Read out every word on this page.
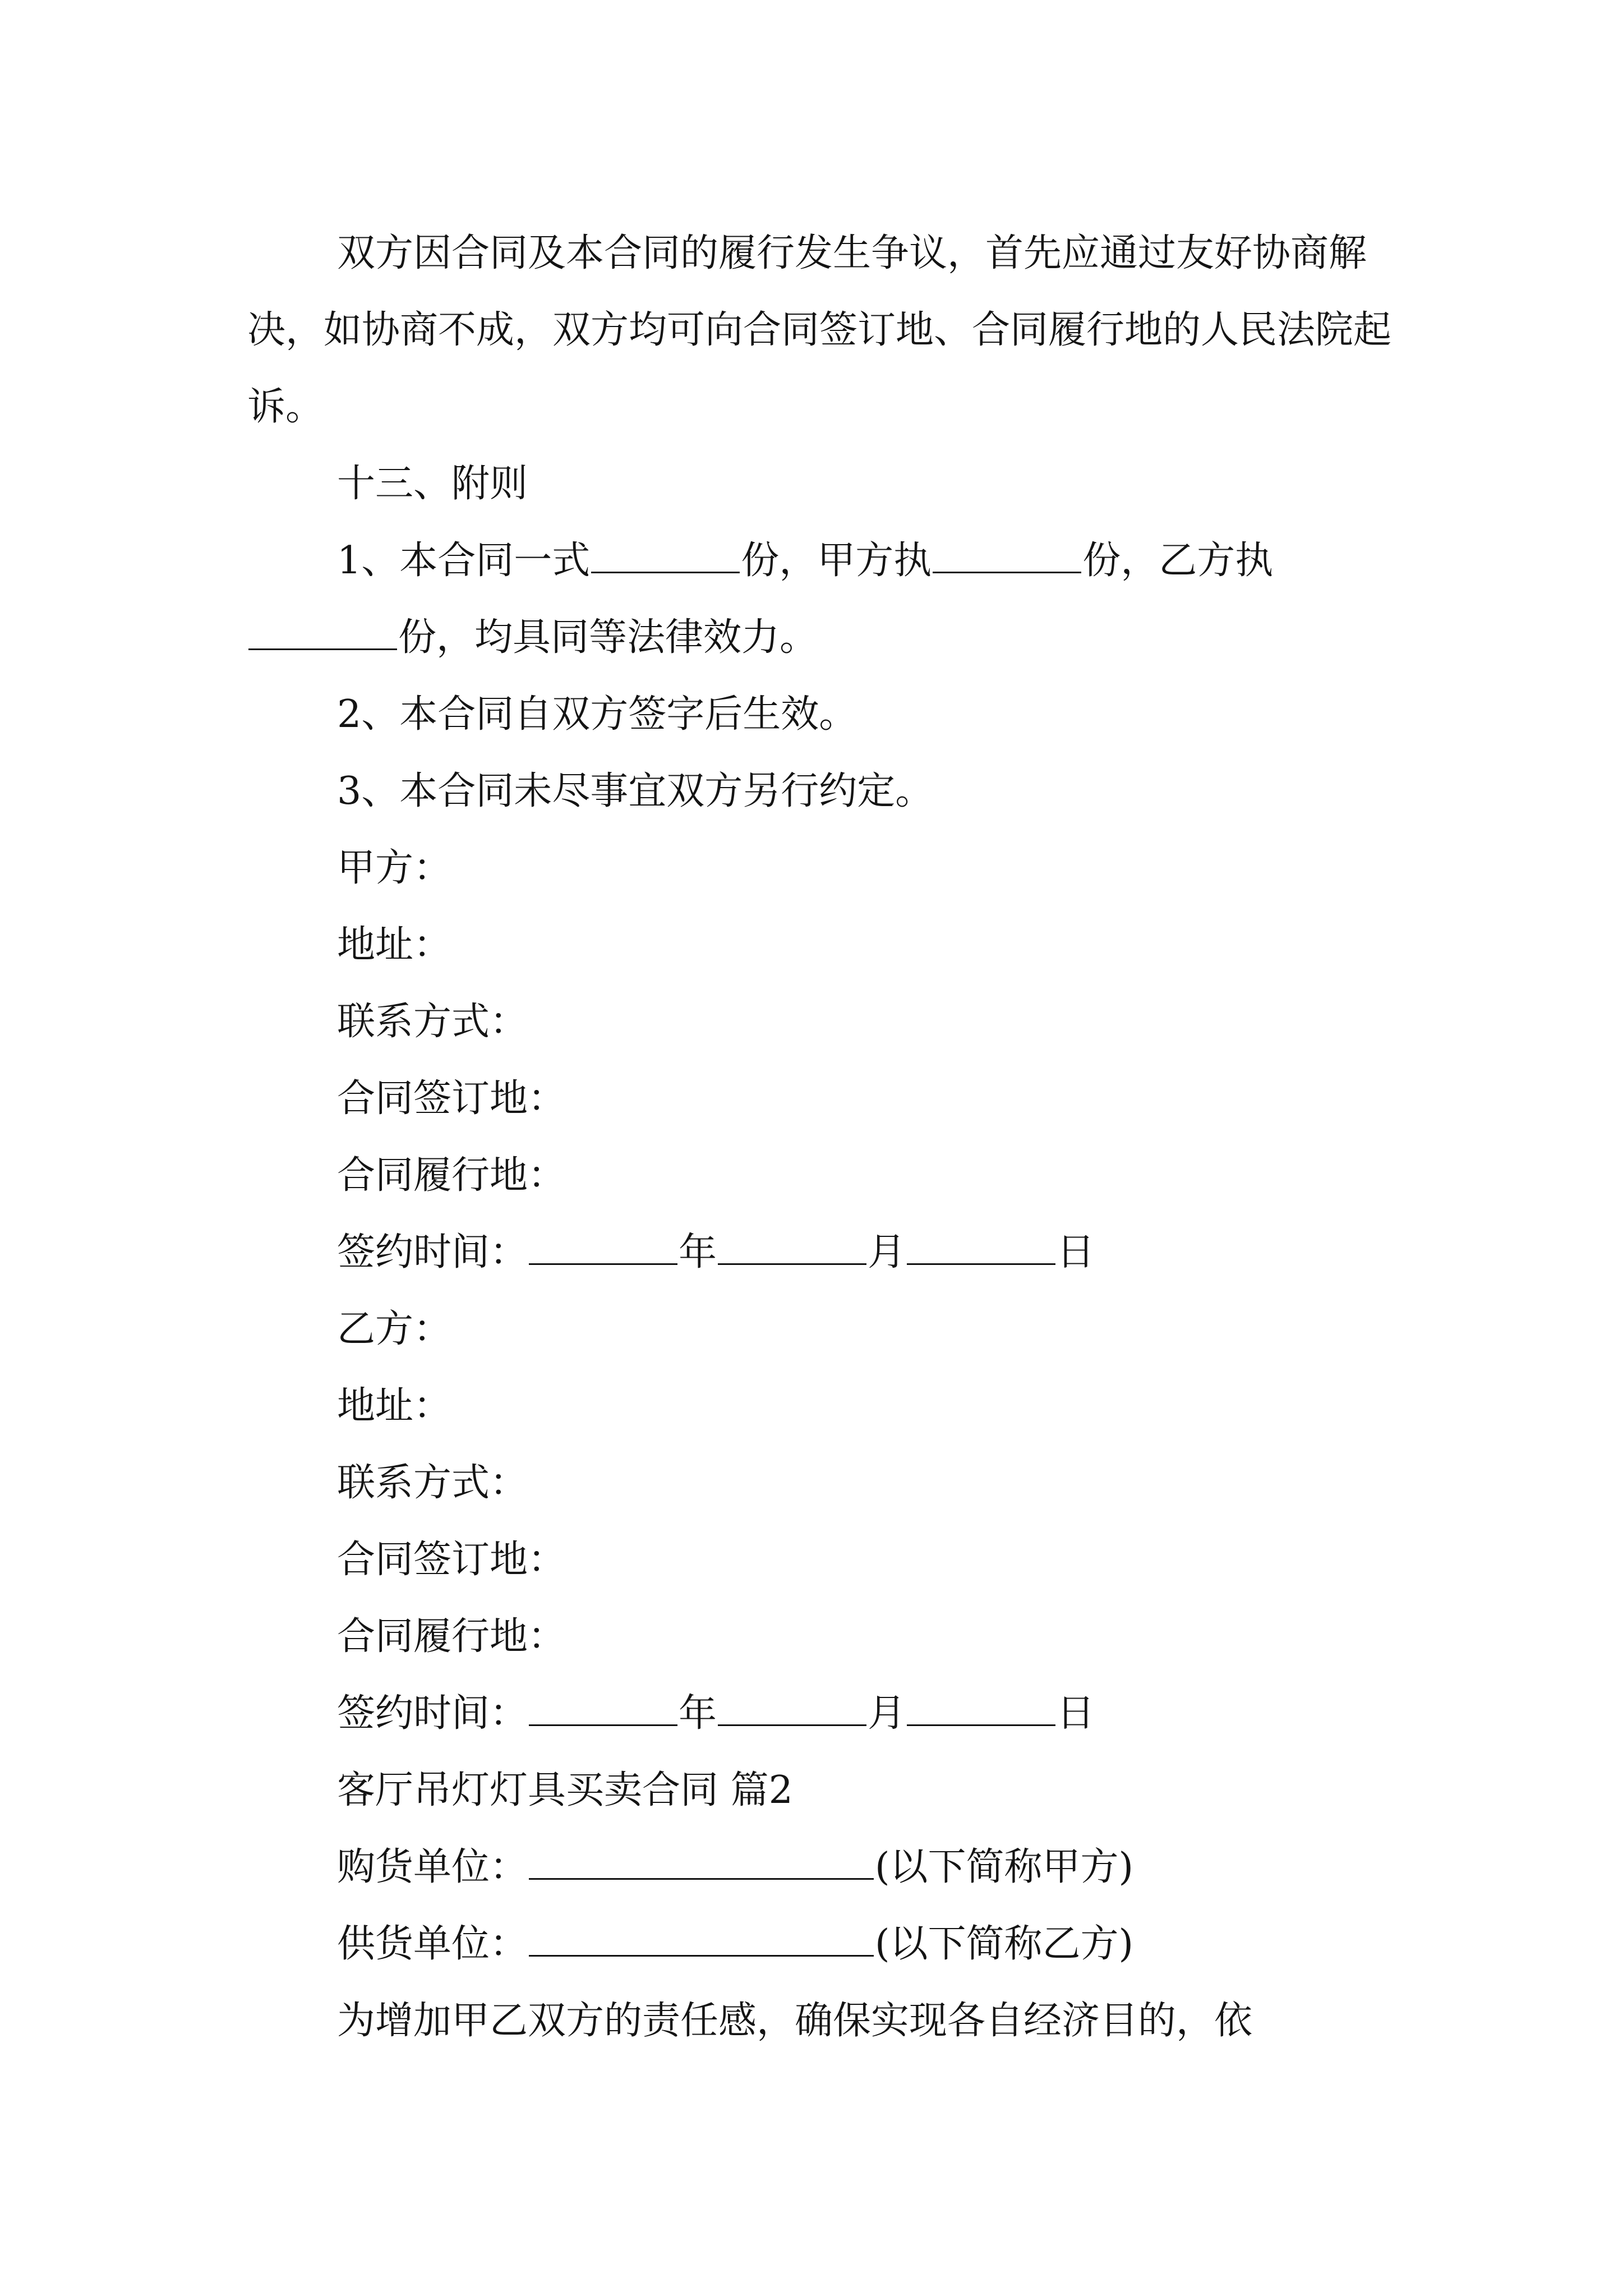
双方因合同及本合同的履行发生争议，首先应通过友好协商解决，如协商不成，双方均可向合同签订地、合同履行地的人民法院起诉。

十三、附则

1、本合同一式	份，甲方执	份，乙方执份，均具同等法律效力。

2、本合同自双方签字后生效。
3、本合同未尽事宜双方另行约定。
甲方：
地址：
联系方式：
合同签订地：
合同履行地：
签约时间：	年	月	日
乙方：
地址：
联系方式：
合同签订地：
合同履行地：
签约时间：	年	月	日
客厅吊灯灯具买卖合同 篇2
购货单位：	(以下简称甲方)
供货单位：	(以下简称乙方)
为增加甲乙双方的责任感，确保实现各自经济目的，依
